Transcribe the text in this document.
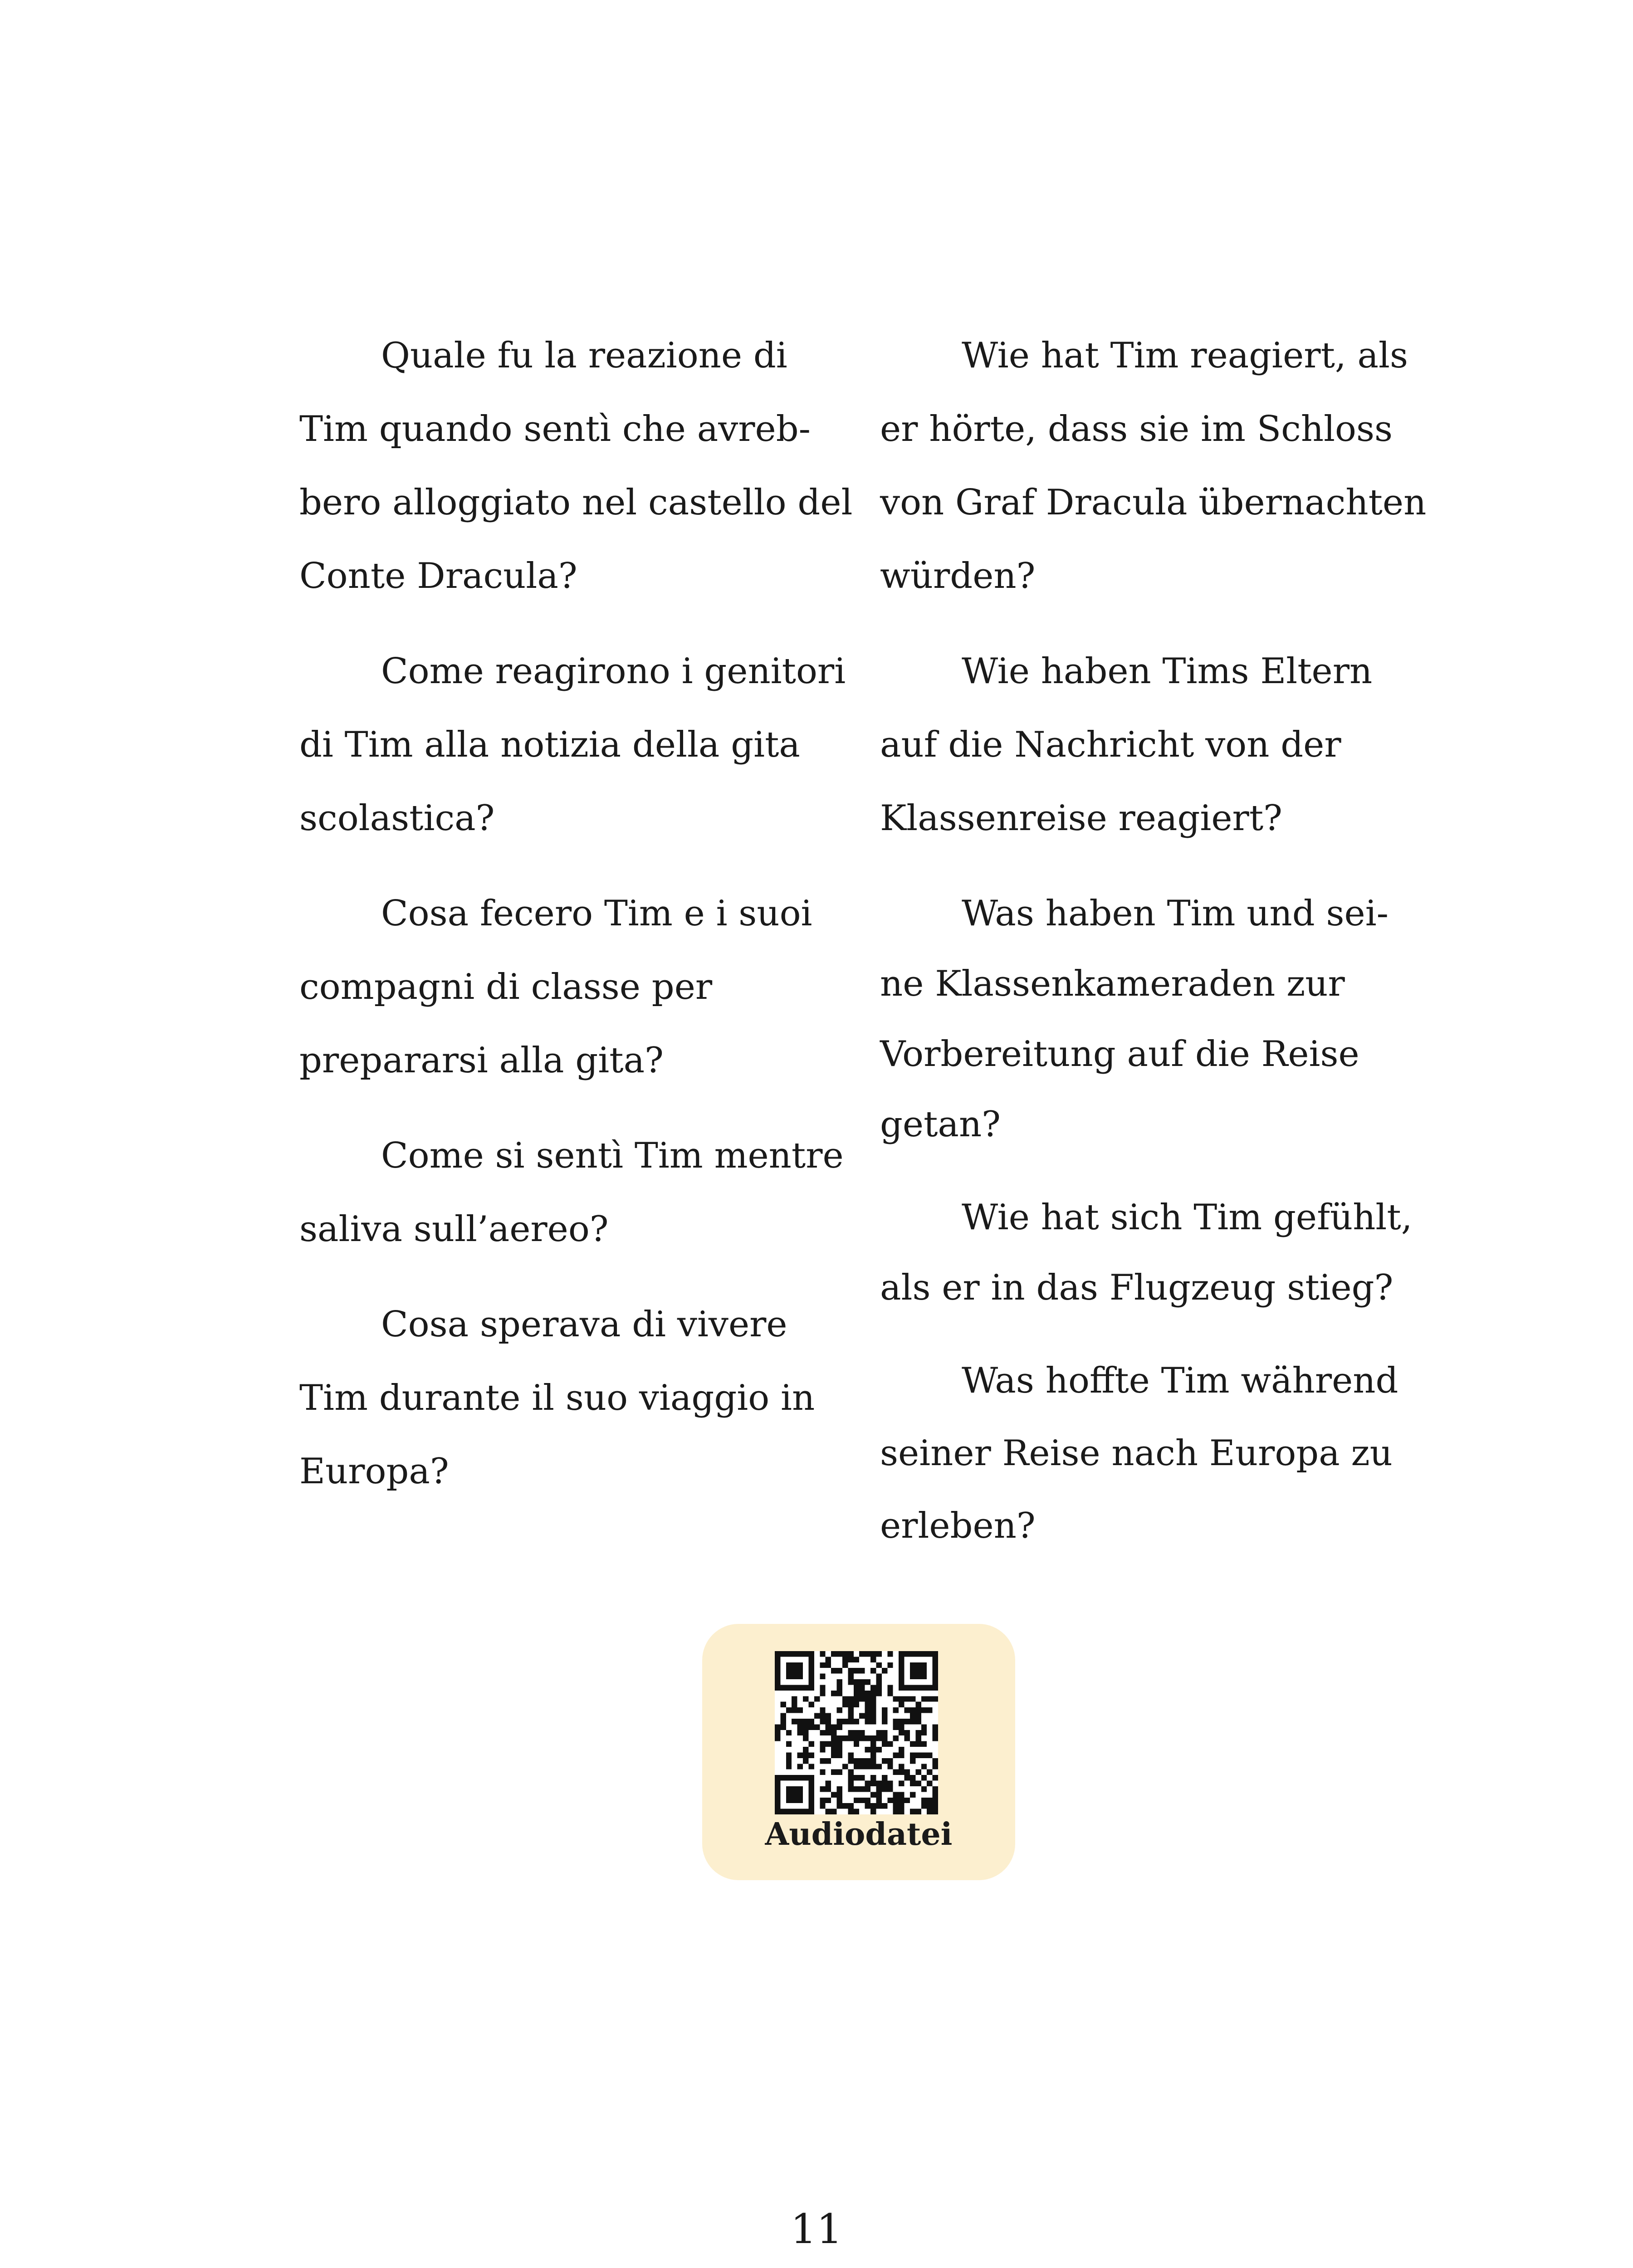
Quale fu la reazione di
Tim quando sentì che avreb-
bero alloggiato nel castello del
Conte Dracula?
Come reagirono i genitori
di Tim alla notizia della gita
scolastica?
Cosa fecero Tim e i suoi
compagni di classe per
prepararsi alla gita?
Come si sentì Tim mentre
saliva sull’aereo?
Cosa sperava di vivere
Tim durante il suo viaggio in
Europa?
Wie hat Tim reagiert, als
er hörte, dass sie im Schloss
von Graf Dracula übernachten
würden?
Wie haben Tims Eltern
auf die Nachricht von der
Klassenreise reagiert?
Was haben Tim und sei-
ne Klassenkameraden zur
Vorbereitung auf die Reise
getan?
Wie hat sich Tim gefühlt,
als er in das Flugzeug stieg?
Was hoffte Tim während
seiner Reise nach Europa zu
erleben?
Audiodatei
11
